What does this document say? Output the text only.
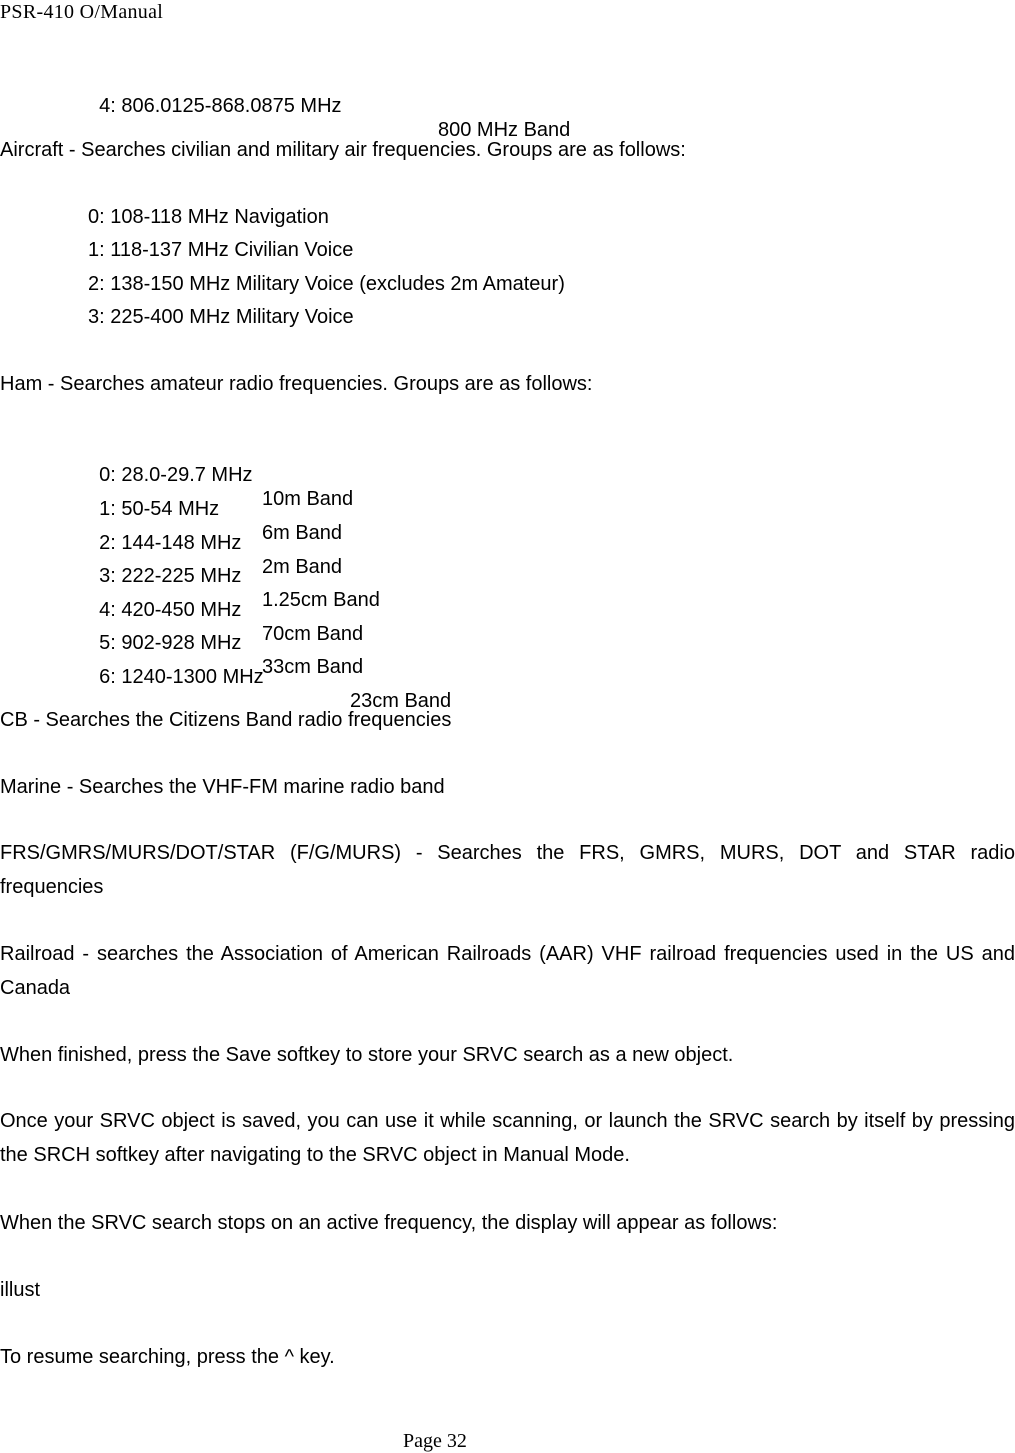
PSR-410 O/Manual

4: 806.0125-868.0875 MHz

800 MHz Band

Aircraft - Searches civilian and military air frequencies. Groups are as follows:
0: 108-118 MHz Navigation
1: 118-137 MHz Civilian Voice
2: 138-150 MHz Military Voice (excludes 2m Amateur)
3: 225-400 MHz Military Voice
Ham - Searches amateur radio frequencies. Groups are as follows:

0: 28.0-29.7 MHz

10m Band

1: 50-54 MHz

6m Band

2: 144-148 MHz

2m Band

3: 222-225 MHz

1.25cm Band

4: 420-450 MHz

70cm Band

5: 902-928 MHz

33cm Band

6: 1240-1300 MHz

23cm Band

CB - Searches the Citizens Band radio frequencies
Marine - Searches the VHF-FM marine radio band
FRS/GMRS/MURS/DOT/STAR (F/G/MURS) - Searches the FRS, GMRS, MURS, DOT and STAR radio frequencies
Railroad - searches the Association of American Railroads (AAR) VHF railroad frequencies used in the US and Canada
When finished, press the Save softkey to store your SRVC search as a new object.
Once your SRVC object is saved, you can use it while scanning, or launch the SRVC search by itself by pressing the SRCH softkey after navigating to the SRVC object in Manual Mode.
When the SRVC search stops on an active frequency, the display will appear as follows:
illust
To resume searching, press the ^ key.
Page 32
